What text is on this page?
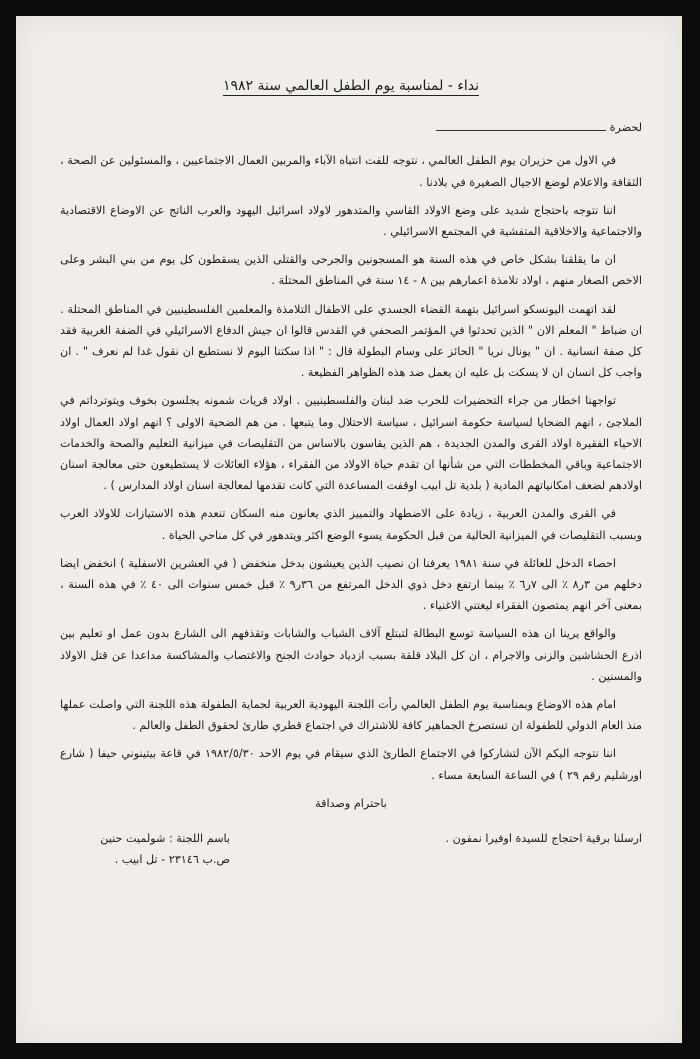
نداء - لمناسبة يوم الطفل العالمي سنة ١٩٨٢
لحضرة

في الاول من حزيران يوم الطفل العالمي ، نتوجه للفت انتباه الآباء والمربين العمال الاجتماعيين ، والمسئولين عن الصحة ، الثقافة والاعلام لوضع الاجيال الصغيرة في بلادنا .

اننا نتوجه باحتجاج شديد على وضع الاولاد القاسي والمتدهور لاولاد اسرائيل اليهود والعرب الناتج عن الاوضاع الاقتصادية والاجتماعية والاخلاقية المتفشية في المجتمع الاسرائيلي .

ان ما يقلقنا بشكل خاص في هذه السنة هو المسجونين والجرحى والقتلى الذين يسقطون كل يوم من بني البشر وعلى الاخص الصغار منهم ، اولاد تلامذة اعمارهم بين ٨ - ١٤ سنة في المناطق المحتلة .

لقد اتهمت اليونسكو اسرائيل بتهمة القضاء الجسدي على الاطفال التلامذة والمعلمين الفلسطينيين في المناطق المحتلة . ان ضباط " المعلم الان " الذين تحدثوا في المؤتمر الصحفي في القدس قالوا ان جيش الدفاع الاسرائيلي في الضفة الغربية فقد كل صفة انسانية . ان " يونال نريا " الحائز على وسام البطولة قال : " اذا سكتنا اليوم لا نستطيع ان نقول غدا لم نعرف " . ان واجب كل انسان ان لا يسكت بل عليه ان يعمل ضد هذه الظواهر الفظيعة .

تواجهنا اخطار من جراء التحضيرات للحرب ضد لبنان والفلسطينيين . اولاد قريات شمونه يجلسون بخوف ويتوترداتم في الملاجئ ، انهم الضحايا لسياسة حكومة اسرائيل ، سياسة الاحتلال وما يتبعها . من هم الضحية الاولى ؟ انهم اولاد العمال اولاد الاحياء الفقيرة اولاد القرى والمدن الجديدة ، هم الذين يقاسون بالاساس من التقليصات في ميزانية التعليم والصحة والخدمات الاجتماعية وباقي المخططات التي من شأنها ان تقدم حياة الاولاد من الفقراء ، هؤلاء العائلات لا يستطيعون حتى معالجة اسنان اولادهم لضعف امكانياتهم المادية ( بلدية تل ابيب اوقفت المساعدة التي كانت تقدمها لمعالجة اسنان اولاد المدارس ) .

في القرى والمدن العربية ، زيادة على الاضطهاد والتمييز الذي يعانون منه السكان تنعدم هذه الاستيازات للاولاد العرب وبسبب التقليصات في الميزانية الحالية من قبل الحكومة يسوء الوضع اكثر ويتدهور في كل مناحي الحياة .

احصاء الدخل للعائلة في سنة ١٩٨١ يعرفنا ان نصيب الذين يعيشون بدخل منخفض ( في العشرين الاسفلية ) انخفض ايضا دخلهم من ٣ر٨ ٪ الى ٧ر٦ ٪ بينما ارتفع دخل ذوي الدخل المرتفع من ٣٦ر٩ ٪ قبل خمس سنوات الى ٤٠ ٪ في هذه السنة ، بمعنى آخر انهم يمتصون الفقراء ليغتني الاغنياء .

والواقع يرينا ان هذه السياسة توسع البطالة لتبتلع آلاف الشباب والشابات وتقذفهم الى الشارع بدون عمل او تعليم بين اذرع الحشاشين والزنى والاجرام ، ان كل البلاد قلقة بسبب ازدياد حوادث الجنح والاغتصاب والمشاكسة مداعدا عن قتل الاولاد والمسنين .

امام هذه الاوضاع وبمناسبة يوم الطفل العالمي رأت اللجنة اليهودية العربية لحماية الطفولة هذه اللجنة التي واصلت عملها منذ العام الدولي للطفولة ان تستصرخ الجماهير كافة للاشتراك في اجتماع قطري طارئ لحقوق الطفل والعالم .

اننا نتوجه اليكم الآن لتشاركوا في الاجتماع الطارئ الذي سيقام في يوم الاحد ١٩٨٢/٥/٣٠ في قاعة بيتينوني حيفا ( شارع اورشليم رقم ٢٩ ) في الساعة السابعة مساء .

باحترام وصداقة
ارسلنا برقية احتجاج للسيدة اوفيرا نمفون .
باسم اللجنة : شولميت حنين
ص.ب ٢٣١٤٦ - تل ابيب .
